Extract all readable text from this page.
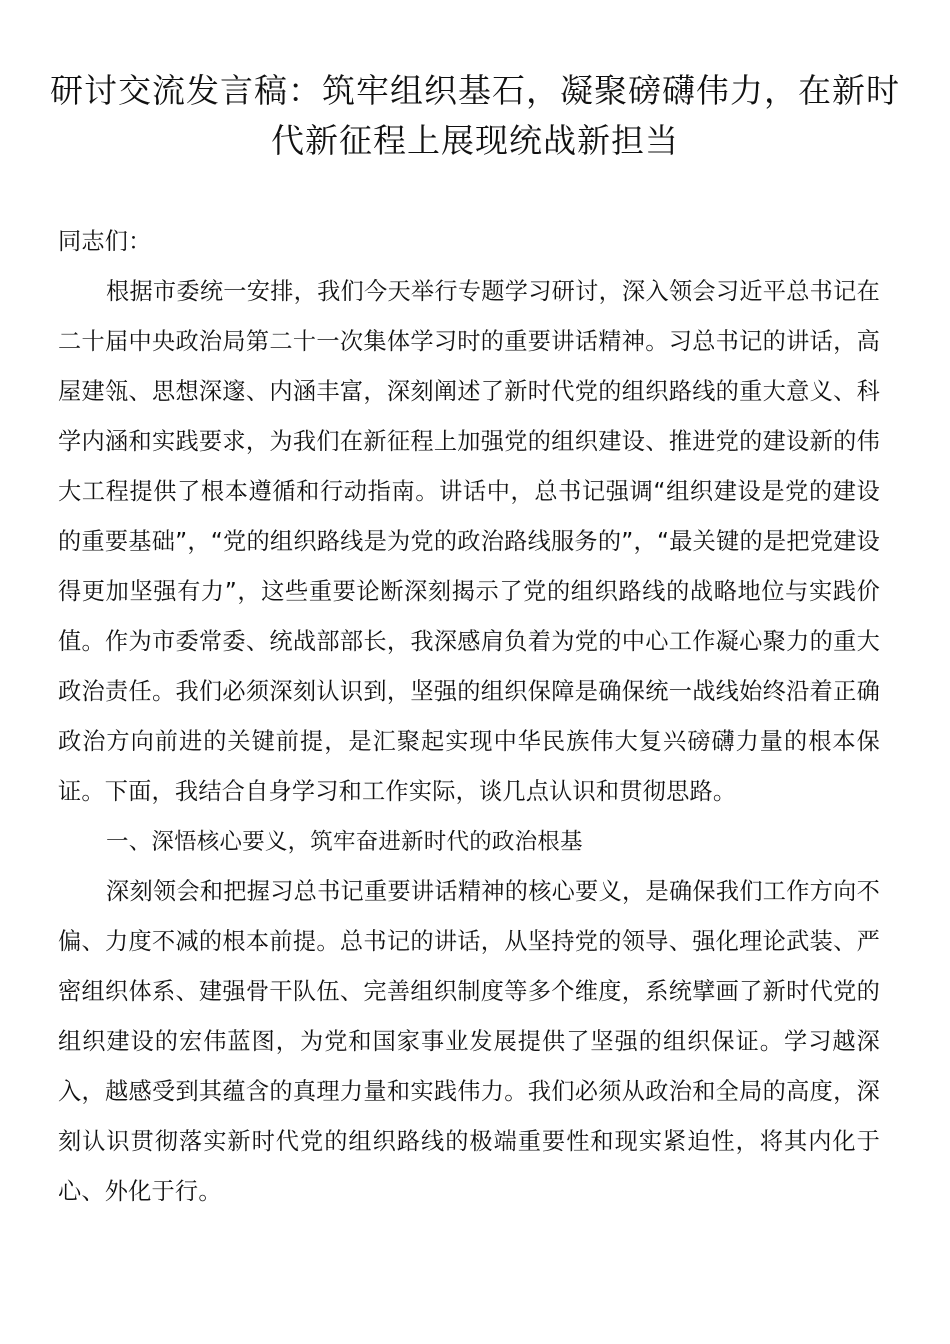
研讨交流发言稿：筑牢组织基石，凝聚磅礴伟力，在新时代新征程上展现统战新担当

同志们：

根据市委统一安排，我们今天举行专题学习研讨，深入领会习近平总书记在二十届中央政治局第二十一次集体学习时的重要讲话精神。习总书记的讲话，高屋建瓴、思想深邃、内涵丰富，深刻阐述了新时代党的组织路线的重大意义、科学内涵和实践要求，为我们在新征程上加强党的组织建设、推进党的建设新的伟大工程提供了根本遵循和行动指南。讲话中，总书记强调“组织建设是党的建设的重要基础”，“党的组织路线是为党的政治路线服务的”，“最关键的是把党建设得更加坚强有力”，这些重要论断深刻揭示了党的组织路线的战略地位与实践价值。作为市委常委、统战部部长，我深感肩负着为党的中心工作凝心聚力的重大政治责任。我们必须深刻认识到，坚强的组织保障是确保统一战线始终沿着正确政治方向前进的关键前提，是汇聚起实现中华民族伟大复兴磅礴力量的根本保证。下面，我结合自身学习和工作实际，谈几点认识和贯彻思路。

一、深悟核心要义，筑牢奋进新时代的政治根基

深刻领会和把握习总书记重要讲话精神的核心要义，是确保我们工作方向不偏、力度不减的根本前提。总书记的讲话，从坚持党的领导、强化理论武装、严密组织体系、建强骨干队伍、完善组织制度等多个维度，系统擘画了新时代党的组织建设的宏伟蓝图，为党和国家事业发展提供了坚强的组织保证。学习越深入，越感受到其蕴含的真理力量和实践伟力。我们必须从政治和全局的高度，深刻认识贯彻落实新时代党的组织路线的极端重要性和现实紧迫性，将其内化于心、外化于行。
